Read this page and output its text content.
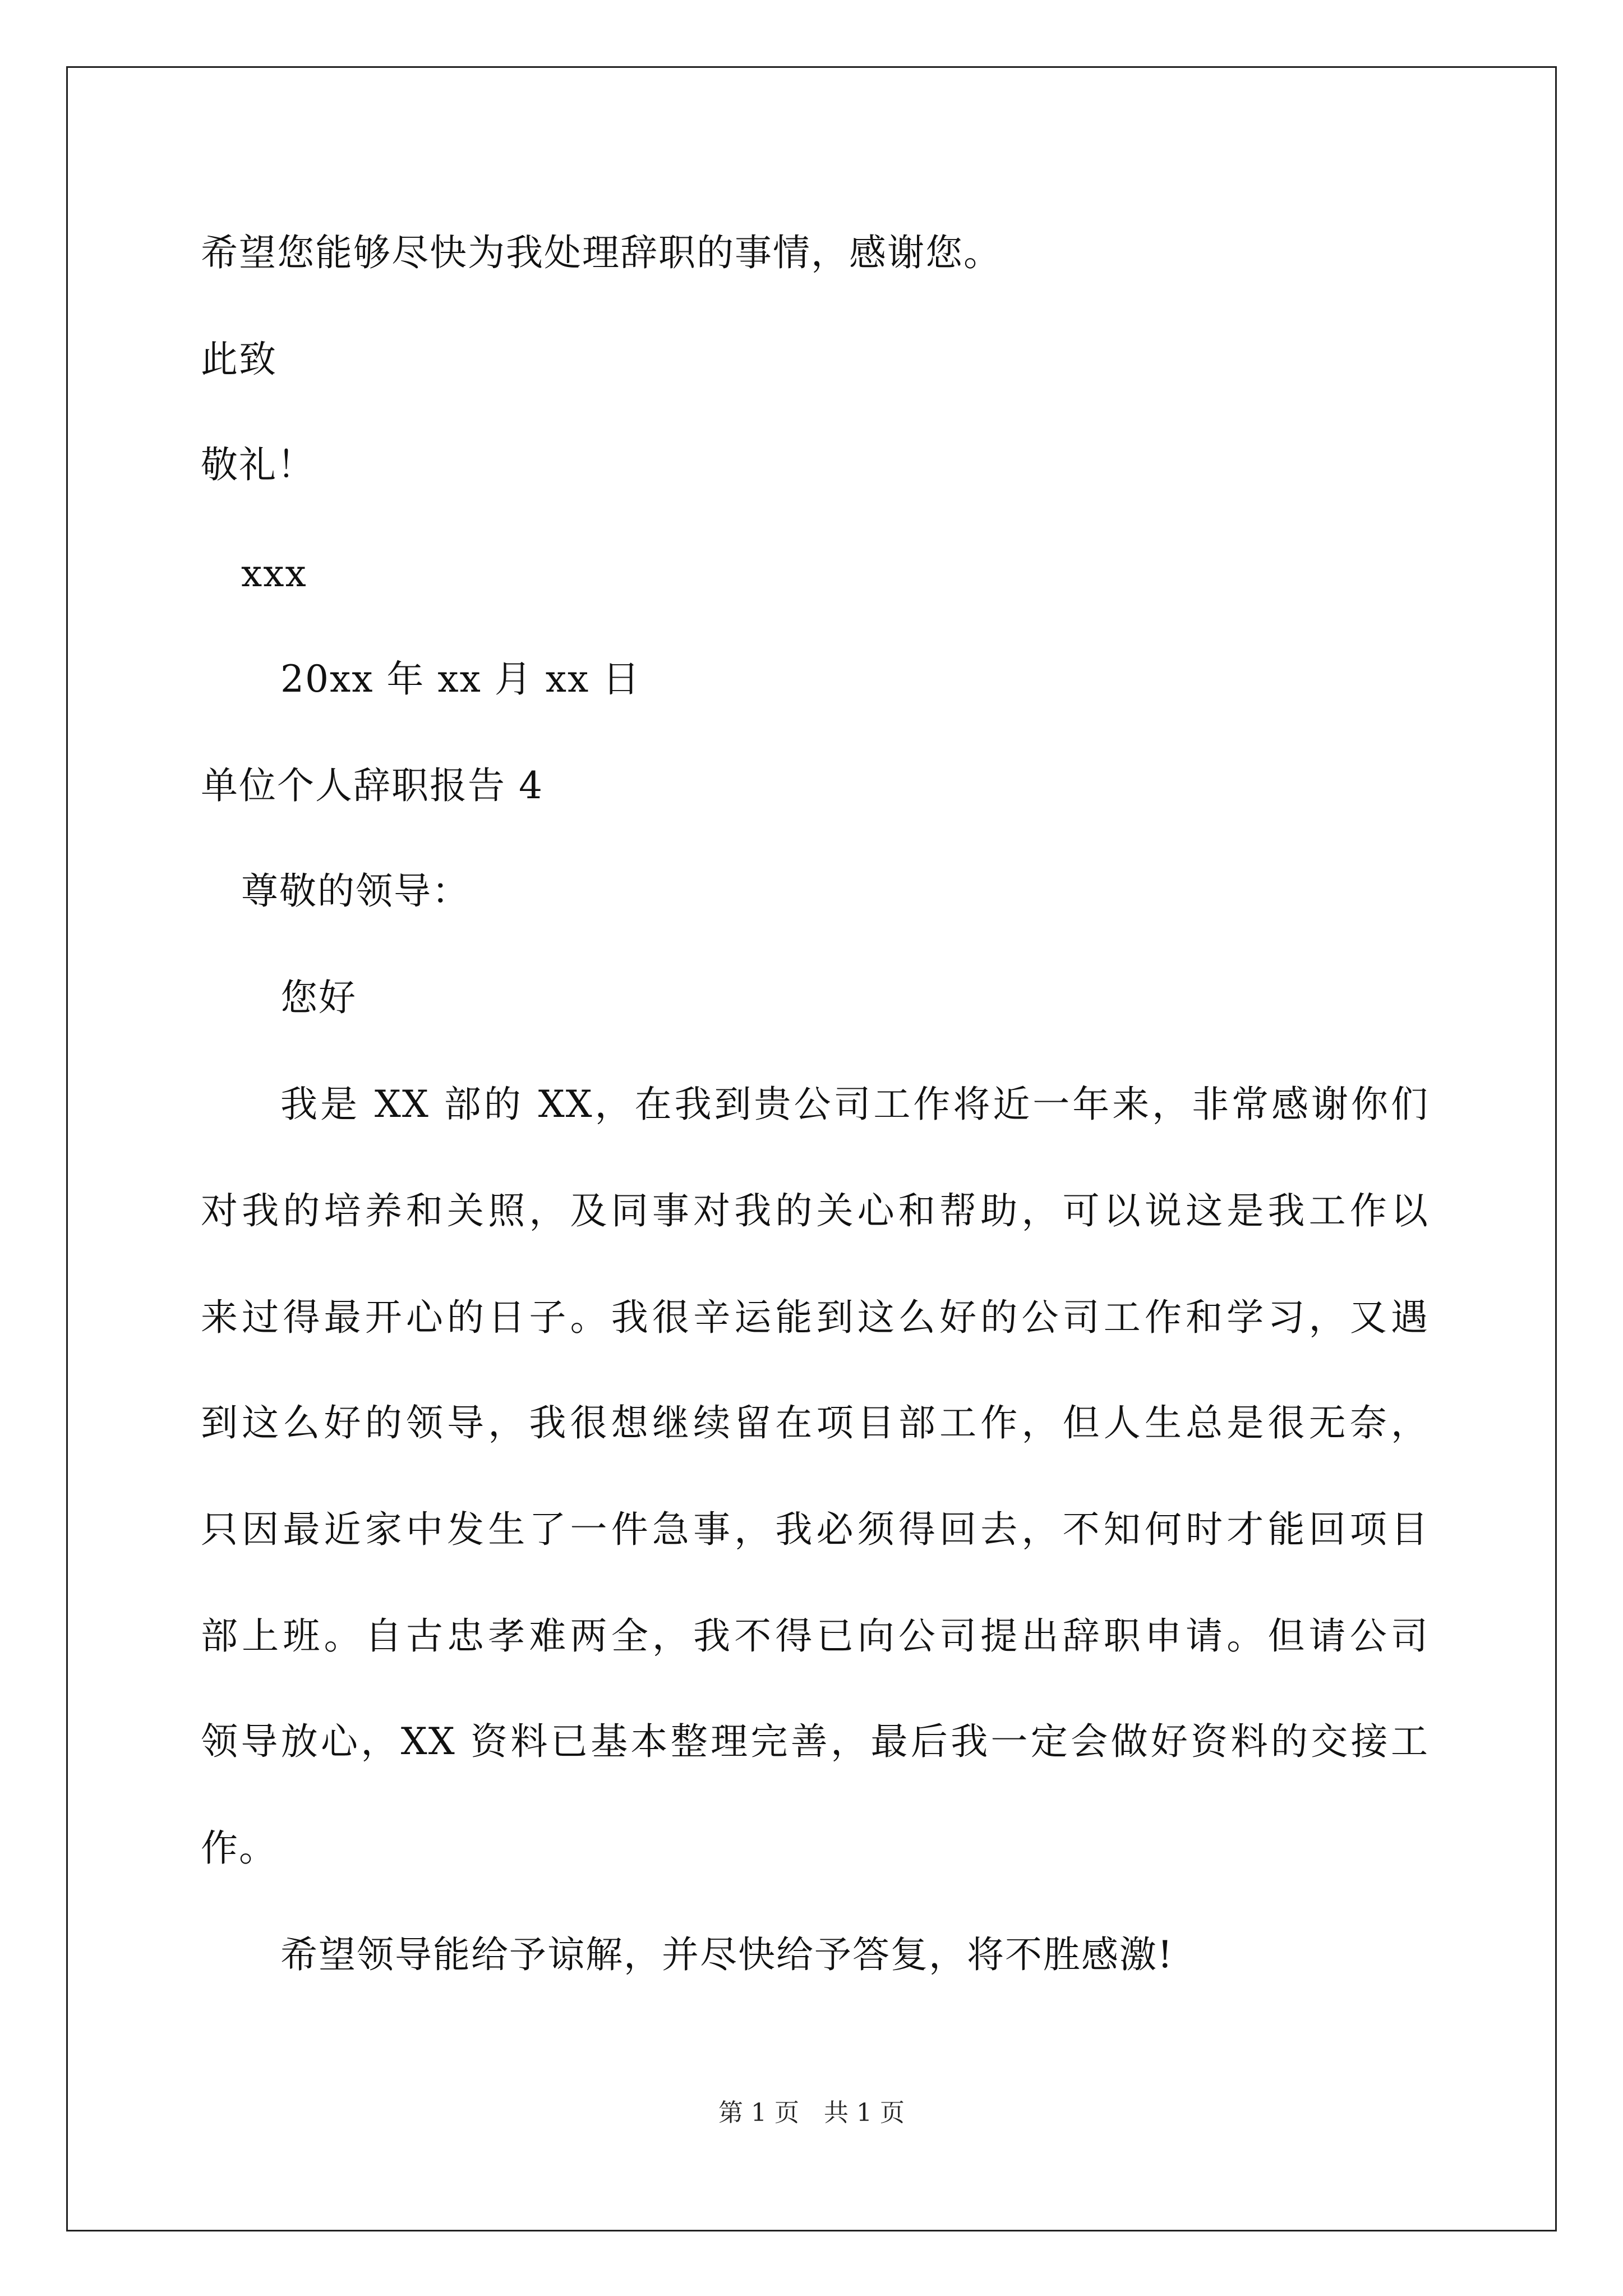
希望您能够尽快为我处理辞职的事情，感谢您。
此致
敬礼！
xxx
20xx 年 xx 月 xx 日
单位个人辞职报告 4
尊敬的领导：
您好
我是 XX 部的 XX，在我到贵公司工作将近一年来，非常感谢你们
对我的培养和关照，及同事对我的关心和帮助，可以说这是我工作以
来过得最开心的日子。我很辛运能到这么好的公司工作和学习，又遇
到这么好的领导，我很想继续留在项目部工作，但人生总是很无奈，
只因最近家中发生了一件急事，我必须得回去，不知何时才能回项目
部上班。自古忠孝难两全，我不得已向公司提出辞职申请。但请公司
领导放心，XX 资料已基本整理完善，最后我一定会做好资料的交接工
作。
希望领导能给予谅解，并尽快给予答复，将不胜感激!
第 1 页　共 1 页
